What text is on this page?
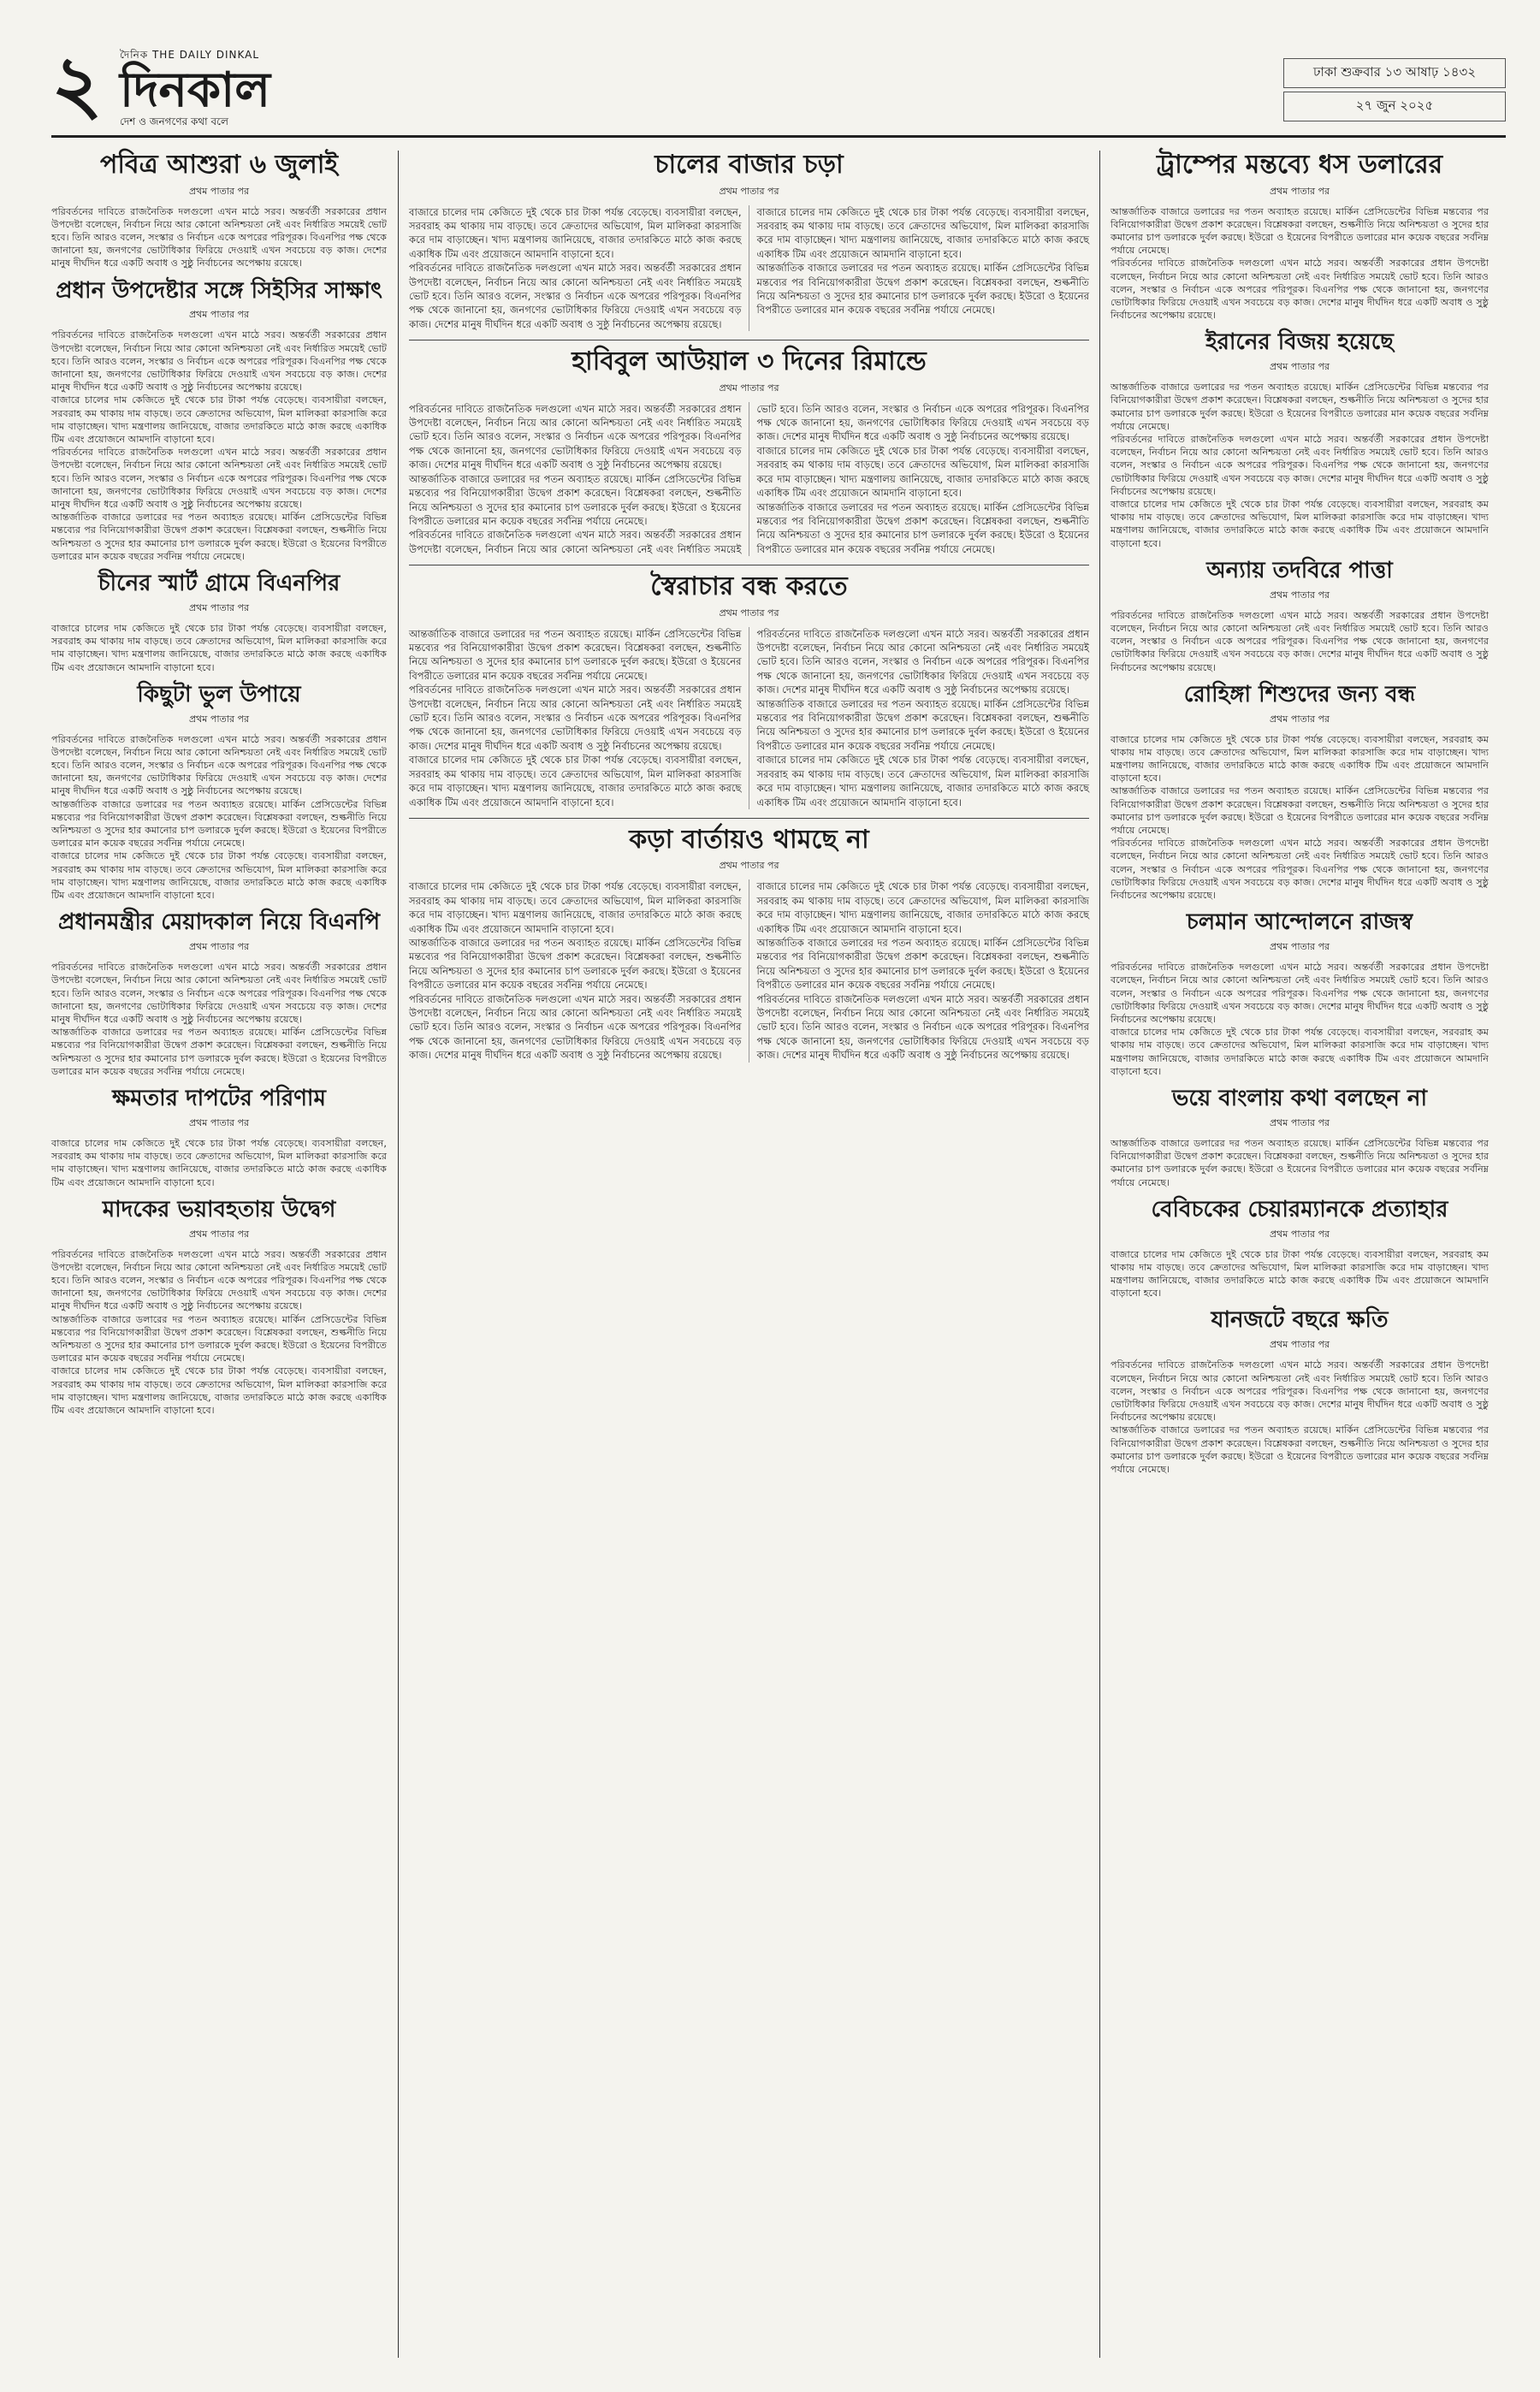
২ দৈনিক THE DAILY DINKAL
দিনকাল
দেশ ও জনগণের কথা বলে
ঢাকা শুক্রবার ১৩ আষাঢ় ১৪৩২
২৭ জুন ২০২৫
পবিত্র আশুরা ৬ জুলাই
প্রথম পাতার পর

পরিবর্তনের দাবিতে রাজনৈতিক দলগুলো এখন মাঠে সরব। অন্তর্বর্তী সরকারের প্রধান উপদেষ্টা বলেছেন, নির্বাচন নিয়ে আর কোনো অনিশ্চয়তা নেই এবং নির্ধারিত সময়েই ভোট হবে। তিনি আরও বলেন, সংস্কার ও নির্বাচন একে অপরের পরিপূরক। বিএনপির পক্ষ থেকে জানানো হয়, জনগণের ভোটাধিকার ফিরিয়ে দেওয়াই এখন সবচেয়ে বড় কাজ। দেশের মানুষ দীর্ঘদিন ধরে একটি অবাধ ও সুষ্ঠু নির্বাচনের অপেক্ষায় রয়েছে।

প্রধান উপদেষ্টার সঙ্গে সিইসির সাক্ষাৎ
প্রথম পাতার পর

পরিবর্তনের দাবিতে রাজনৈতিক দলগুলো এখন মাঠে সরব। অন্তর্বর্তী সরকারের প্রধান উপদেষ্টা বলেছেন, নির্বাচন নিয়ে আর কোনো অনিশ্চয়তা নেই এবং নির্ধারিত সময়েই ভোট হবে। তিনি আরও বলেন, সংস্কার ও নির্বাচন একে অপরের পরিপূরক। বিএনপির পক্ষ থেকে জানানো হয়, জনগণের ভোটাধিকার ফিরিয়ে দেওয়াই এখন সবচেয়ে বড় কাজ। দেশের মানুষ দীর্ঘদিন ধরে একটি অবাধ ও সুষ্ঠু নির্বাচনের অপেক্ষায় রয়েছে।

বাজারে চালের দাম কেজিতে দুই থেকে চার টাকা পর্যন্ত বেড়েছে। ব্যবসায়ীরা বলছেন, সরবরাহ কম থাকায় দাম বাড়ছে। তবে ক্রেতাদের অভিযোগ, মিল মালিকরা কারসাজি করে দাম বাড়াচ্ছেন। খাদ্য মন্ত্রণালয় জানিয়েছে, বাজার তদারকিতে মাঠে কাজ করছে একাধিক টিম এবং প্রয়োজনে আমদানি বাড়ানো হবে।

পরিবর্তনের দাবিতে রাজনৈতিক দলগুলো এখন মাঠে সরব। অন্তর্বর্তী সরকারের প্রধান উপদেষ্টা বলেছেন, নির্বাচন নিয়ে আর কোনো অনিশ্চয়তা নেই এবং নির্ধারিত সময়েই ভোট হবে। তিনি আরও বলেন, সংস্কার ও নির্বাচন একে অপরের পরিপূরক। বিএনপির পক্ষ থেকে জানানো হয়, জনগণের ভোটাধিকার ফিরিয়ে দেওয়াই এখন সবচেয়ে বড় কাজ। দেশের মানুষ দীর্ঘদিন ধরে একটি অবাধ ও সুষ্ঠু নির্বাচনের অপেক্ষায় রয়েছে।

আন্তর্জাতিক বাজারে ডলারের দর পতন অব্যাহত রয়েছে। মার্কিন প্রেসিডেন্টের বিভিন্ন মন্তব্যের পর বিনিয়োগকারীরা উদ্বেগ প্রকাশ করেছেন। বিশ্লেষকরা বলছেন, শুল্কনীতি নিয়ে অনিশ্চয়তা ও সুদের হার কমানোর চাপ ডলারকে দুর্বল করছে। ইউরো ও ইয়েনের বিপরীতে ডলারের মান কয়েক বছরের সর্বনিম্ন পর্যায়ে নেমেছে।

চীনের স্মার্ট গ্রামে বিএনপির
প্রথম পাতার পর

বাজারে চালের দাম কেজিতে দুই থেকে চার টাকা পর্যন্ত বেড়েছে। ব্যবসায়ীরা বলছেন, সরবরাহ কম থাকায় দাম বাড়ছে। তবে ক্রেতাদের অভিযোগ, মিল মালিকরা কারসাজি করে দাম বাড়াচ্ছেন। খাদ্য মন্ত্রণালয় জানিয়েছে, বাজার তদারকিতে মাঠে কাজ করছে একাধিক টিম এবং প্রয়োজনে আমদানি বাড়ানো হবে।

কিছুটা ভুল উপায়ে
প্রথম পাতার পর

পরিবর্তনের দাবিতে রাজনৈতিক দলগুলো এখন মাঠে সরব। অন্তর্বর্তী সরকারের প্রধান উপদেষ্টা বলেছেন, নির্বাচন নিয়ে আর কোনো অনিশ্চয়তা নেই এবং নির্ধারিত সময়েই ভোট হবে। তিনি আরও বলেন, সংস্কার ও নির্বাচন একে অপরের পরিপূরক। বিএনপির পক্ষ থেকে জানানো হয়, জনগণের ভোটাধিকার ফিরিয়ে দেওয়াই এখন সবচেয়ে বড় কাজ। দেশের মানুষ দীর্ঘদিন ধরে একটি অবাধ ও সুষ্ঠু নির্বাচনের অপেক্ষায় রয়েছে।

আন্তর্জাতিক বাজারে ডলারের দর পতন অব্যাহত রয়েছে। মার্কিন প্রেসিডেন্টের বিভিন্ন মন্তব্যের পর বিনিয়োগকারীরা উদ্বেগ প্রকাশ করেছেন। বিশ্লেষকরা বলছেন, শুল্কনীতি নিয়ে অনিশ্চয়তা ও সুদের হার কমানোর চাপ ডলারকে দুর্বল করছে। ইউরো ও ইয়েনের বিপরীতে ডলারের মান কয়েক বছরের সর্বনিম্ন পর্যায়ে নেমেছে।

বাজারে চালের দাম কেজিতে দুই থেকে চার টাকা পর্যন্ত বেড়েছে। ব্যবসায়ীরা বলছেন, সরবরাহ কম থাকায় দাম বাড়ছে। তবে ক্রেতাদের অভিযোগ, মিল মালিকরা কারসাজি করে দাম বাড়াচ্ছেন। খাদ্য মন্ত্রণালয় জানিয়েছে, বাজার তদারকিতে মাঠে কাজ করছে একাধিক টিম এবং প্রয়োজনে আমদানি বাড়ানো হবে।

প্রধানমন্ত্রীর মেয়াদকাল নিয়ে বিএনপি
প্রথম পাতার পর

পরিবর্তনের দাবিতে রাজনৈতিক দলগুলো এখন মাঠে সরব। অন্তর্বর্তী সরকারের প্রধান উপদেষ্টা বলেছেন, নির্বাচন নিয়ে আর কোনো অনিশ্চয়তা নেই এবং নির্ধারিত সময়েই ভোট হবে। তিনি আরও বলেন, সংস্কার ও নির্বাচন একে অপরের পরিপূরক। বিএনপির পক্ষ থেকে জানানো হয়, জনগণের ভোটাধিকার ফিরিয়ে দেওয়াই এখন সবচেয়ে বড় কাজ। দেশের মানুষ দীর্ঘদিন ধরে একটি অবাধ ও সুষ্ঠু নির্বাচনের অপেক্ষায় রয়েছে।

আন্তর্জাতিক বাজারে ডলারের দর পতন অব্যাহত রয়েছে। মার্কিন প্রেসিডেন্টের বিভিন্ন মন্তব্যের পর বিনিয়োগকারীরা উদ্বেগ প্রকাশ করেছেন। বিশ্লেষকরা বলছেন, শুল্কনীতি নিয়ে অনিশ্চয়তা ও সুদের হার কমানোর চাপ ডলারকে দুর্বল করছে। ইউরো ও ইয়েনের বিপরীতে ডলারের মান কয়েক বছরের সর্বনিম্ন পর্যায়ে নেমেছে।

ক্ষমতার দাপটের পরিণাম
প্রথম পাতার পর

বাজারে চালের দাম কেজিতে দুই থেকে চার টাকা পর্যন্ত বেড়েছে। ব্যবসায়ীরা বলছেন, সরবরাহ কম থাকায় দাম বাড়ছে। তবে ক্রেতাদের অভিযোগ, মিল মালিকরা কারসাজি করে দাম বাড়াচ্ছেন। খাদ্য মন্ত্রণালয় জানিয়েছে, বাজার তদারকিতে মাঠে কাজ করছে একাধিক টিম এবং প্রয়োজনে আমদানি বাড়ানো হবে।

মাদকের ভয়াবহতায় উদ্বেগ
প্রথম পাতার পর

পরিবর্তনের দাবিতে রাজনৈতিক দলগুলো এখন মাঠে সরব। অন্তর্বর্তী সরকারের প্রধান উপদেষ্টা বলেছেন, নির্বাচন নিয়ে আর কোনো অনিশ্চয়তা নেই এবং নির্ধারিত সময়েই ভোট হবে। তিনি আরও বলেন, সংস্কার ও নির্বাচন একে অপরের পরিপূরক। বিএনপির পক্ষ থেকে জানানো হয়, জনগণের ভোটাধিকার ফিরিয়ে দেওয়াই এখন সবচেয়ে বড় কাজ। দেশের মানুষ দীর্ঘদিন ধরে একটি অবাধ ও সুষ্ঠু নির্বাচনের অপেক্ষায় রয়েছে।

আন্তর্জাতিক বাজারে ডলারের দর পতন অব্যাহত রয়েছে। মার্কিন প্রেসিডেন্টের বিভিন্ন মন্তব্যের পর বিনিয়োগকারীরা উদ্বেগ প্রকাশ করেছেন। বিশ্লেষকরা বলছেন, শুল্কনীতি নিয়ে অনিশ্চয়তা ও সুদের হার কমানোর চাপ ডলারকে দুর্বল করছে। ইউরো ও ইয়েনের বিপরীতে ডলারের মান কয়েক বছরের সর্বনিম্ন পর্যায়ে নেমেছে।

বাজারে চালের দাম কেজিতে দুই থেকে চার টাকা পর্যন্ত বেড়েছে। ব্যবসায়ীরা বলছেন, সরবরাহ কম থাকায় দাম বাড়ছে। তবে ক্রেতাদের অভিযোগ, মিল মালিকরা কারসাজি করে দাম বাড়াচ্ছেন। খাদ্য মন্ত্রণালয় জানিয়েছে, বাজার তদারকিতে মাঠে কাজ করছে একাধিক টিম এবং প্রয়োজনে আমদানি বাড়ানো হবে।

চালের বাজার চড়া
প্রথম পাতার পর

বাজারে চালের দাম কেজিতে দুই থেকে চার টাকা পর্যন্ত বেড়েছে। ব্যবসায়ীরা বলছেন, সরবরাহ কম থাকায় দাম বাড়ছে। তবে ক্রেতাদের অভিযোগ, মিল মালিকরা কারসাজি করে দাম বাড়াচ্ছেন। খাদ্য মন্ত্রণালয় জানিয়েছে, বাজার তদারকিতে মাঠে কাজ করছে একাধিক টিম এবং প্রয়োজনে আমদানি বাড়ানো হবে।

পরিবর্তনের দাবিতে রাজনৈতিক দলগুলো এখন মাঠে সরব। অন্তর্বর্তী সরকারের প্রধান উপদেষ্টা বলেছেন, নির্বাচন নিয়ে আর কোনো অনিশ্চয়তা নেই এবং নির্ধারিত সময়েই ভোট হবে। তিনি আরও বলেন, সংস্কার ও নির্বাচন একে অপরের পরিপূরক। বিএনপির পক্ষ থেকে জানানো হয়, জনগণের ভোটাধিকার ফিরিয়ে দেওয়াই এখন সবচেয়ে বড় কাজ। দেশের মানুষ দীর্ঘদিন ধরে একটি অবাধ ও সুষ্ঠু নির্বাচনের অপেক্ষায় রয়েছে।

বাজারে চালের দাম কেজিতে দুই থেকে চার টাকা পর্যন্ত বেড়েছে। ব্যবসায়ীরা বলছেন, সরবরাহ কম থাকায় দাম বাড়ছে। তবে ক্রেতাদের অভিযোগ, মিল মালিকরা কারসাজি করে দাম বাড়াচ্ছেন। খাদ্য মন্ত্রণালয় জানিয়েছে, বাজার তদারকিতে মাঠে কাজ করছে একাধিক টিম এবং প্রয়োজনে আমদানি বাড়ানো হবে।

আন্তর্জাতিক বাজারে ডলারের দর পতন অব্যাহত রয়েছে। মার্কিন প্রেসিডেন্টের বিভিন্ন মন্তব্যের পর বিনিয়োগকারীরা উদ্বেগ প্রকাশ করেছেন। বিশ্লেষকরা বলছেন, শুল্কনীতি নিয়ে অনিশ্চয়তা ও সুদের হার কমানোর চাপ ডলারকে দুর্বল করছে। ইউরো ও ইয়েনের বিপরীতে ডলারের মান কয়েক বছরের সর্বনিম্ন পর্যায়ে নেমেছে।

হাবিবুল আউয়াল ৩ দিনের রিমান্ডে
প্রথম পাতার পর

পরিবর্তনের দাবিতে রাজনৈতিক দলগুলো এখন মাঠে সরব। অন্তর্বর্তী সরকারের প্রধান উপদেষ্টা বলেছেন, নির্বাচন নিয়ে আর কোনো অনিশ্চয়তা নেই এবং নির্ধারিত সময়েই ভোট হবে। তিনি আরও বলেন, সংস্কার ও নির্বাচন একে অপরের পরিপূরক। বিএনপির পক্ষ থেকে জানানো হয়, জনগণের ভোটাধিকার ফিরিয়ে দেওয়াই এখন সবচেয়ে বড় কাজ। দেশের মানুষ দীর্ঘদিন ধরে একটি অবাধ ও সুষ্ঠু নির্বাচনের অপেক্ষায় রয়েছে।

আন্তর্জাতিক বাজারে ডলারের দর পতন অব্যাহত রয়েছে। মার্কিন প্রেসিডেন্টের বিভিন্ন মন্তব্যের পর বিনিয়োগকারীরা উদ্বেগ প্রকাশ করেছেন। বিশ্লেষকরা বলছেন, শুল্কনীতি নিয়ে অনিশ্চয়তা ও সুদের হার কমানোর চাপ ডলারকে দুর্বল করছে। ইউরো ও ইয়েনের বিপরীতে ডলারের মান কয়েক বছরের সর্বনিম্ন পর্যায়ে নেমেছে।

পরিবর্তনের দাবিতে রাজনৈতিক দলগুলো এখন মাঠে সরব। অন্তর্বর্তী সরকারের প্রধান উপদেষ্টা বলেছেন, নির্বাচন নিয়ে আর কোনো অনিশ্চয়তা নেই এবং নির্ধারিত সময়েই ভোট হবে। তিনি আরও বলেন, সংস্কার ও নির্বাচন একে অপরের পরিপূরক। বিএনপির পক্ষ থেকে জানানো হয়, জনগণের ভোটাধিকার ফিরিয়ে দেওয়াই এখন সবচেয়ে বড় কাজ। দেশের মানুষ দীর্ঘদিন ধরে একটি অবাধ ও সুষ্ঠু নির্বাচনের অপেক্ষায় রয়েছে।

বাজারে চালের দাম কেজিতে দুই থেকে চার টাকা পর্যন্ত বেড়েছে। ব্যবসায়ীরা বলছেন, সরবরাহ কম থাকায় দাম বাড়ছে। তবে ক্রেতাদের অভিযোগ, মিল মালিকরা কারসাজি করে দাম বাড়াচ্ছেন। খাদ্য মন্ত্রণালয় জানিয়েছে, বাজার তদারকিতে মাঠে কাজ করছে একাধিক টিম এবং প্রয়োজনে আমদানি বাড়ানো হবে।

আন্তর্জাতিক বাজারে ডলারের দর পতন অব্যাহত রয়েছে। মার্কিন প্রেসিডেন্টের বিভিন্ন মন্তব্যের পর বিনিয়োগকারীরা উদ্বেগ প্রকাশ করেছেন। বিশ্লেষকরা বলছেন, শুল্কনীতি নিয়ে অনিশ্চয়তা ও সুদের হার কমানোর চাপ ডলারকে দুর্বল করছে। ইউরো ও ইয়েনের বিপরীতে ডলারের মান কয়েক বছরের সর্বনিম্ন পর্যায়ে নেমেছে।

স্বৈরাচার বন্ধ করতে
প্রথম পাতার পর

আন্তর্জাতিক বাজারে ডলারের দর পতন অব্যাহত রয়েছে। মার্কিন প্রেসিডেন্টের বিভিন্ন মন্তব্যের পর বিনিয়োগকারীরা উদ্বেগ প্রকাশ করেছেন। বিশ্লেষকরা বলছেন, শুল্কনীতি নিয়ে অনিশ্চয়তা ও সুদের হার কমানোর চাপ ডলারকে দুর্বল করছে। ইউরো ও ইয়েনের বিপরীতে ডলারের মান কয়েক বছরের সর্বনিম্ন পর্যায়ে নেমেছে।

পরিবর্তনের দাবিতে রাজনৈতিক দলগুলো এখন মাঠে সরব। অন্তর্বর্তী সরকারের প্রধান উপদেষ্টা বলেছেন, নির্বাচন নিয়ে আর কোনো অনিশ্চয়তা নেই এবং নির্ধারিত সময়েই ভোট হবে। তিনি আরও বলেন, সংস্কার ও নির্বাচন একে অপরের পরিপূরক। বিএনপির পক্ষ থেকে জানানো হয়, জনগণের ভোটাধিকার ফিরিয়ে দেওয়াই এখন সবচেয়ে বড় কাজ। দেশের মানুষ দীর্ঘদিন ধরে একটি অবাধ ও সুষ্ঠু নির্বাচনের অপেক্ষায় রয়েছে।

বাজারে চালের দাম কেজিতে দুই থেকে চার টাকা পর্যন্ত বেড়েছে। ব্যবসায়ীরা বলছেন, সরবরাহ কম থাকায় দাম বাড়ছে। তবে ক্রেতাদের অভিযোগ, মিল মালিকরা কারসাজি করে দাম বাড়াচ্ছেন। খাদ্য মন্ত্রণালয় জানিয়েছে, বাজার তদারকিতে মাঠে কাজ করছে একাধিক টিম এবং প্রয়োজনে আমদানি বাড়ানো হবে।

পরিবর্তনের দাবিতে রাজনৈতিক দলগুলো এখন মাঠে সরব। অন্তর্বর্তী সরকারের প্রধান উপদেষ্টা বলেছেন, নির্বাচন নিয়ে আর কোনো অনিশ্চয়তা নেই এবং নির্ধারিত সময়েই ভোট হবে। তিনি আরও বলেন, সংস্কার ও নির্বাচন একে অপরের পরিপূরক। বিএনপির পক্ষ থেকে জানানো হয়, জনগণের ভোটাধিকার ফিরিয়ে দেওয়াই এখন সবচেয়ে বড় কাজ। দেশের মানুষ দীর্ঘদিন ধরে একটি অবাধ ও সুষ্ঠু নির্বাচনের অপেক্ষায় রয়েছে।

আন্তর্জাতিক বাজারে ডলারের দর পতন অব্যাহত রয়েছে। মার্কিন প্রেসিডেন্টের বিভিন্ন মন্তব্যের পর বিনিয়োগকারীরা উদ্বেগ প্রকাশ করেছেন। বিশ্লেষকরা বলছেন, শুল্কনীতি নিয়ে অনিশ্চয়তা ও সুদের হার কমানোর চাপ ডলারকে দুর্বল করছে। ইউরো ও ইয়েনের বিপরীতে ডলারের মান কয়েক বছরের সর্বনিম্ন পর্যায়ে নেমেছে।

বাজারে চালের দাম কেজিতে দুই থেকে চার টাকা পর্যন্ত বেড়েছে। ব্যবসায়ীরা বলছেন, সরবরাহ কম থাকায় দাম বাড়ছে। তবে ক্রেতাদের অভিযোগ, মিল মালিকরা কারসাজি করে দাম বাড়াচ্ছেন। খাদ্য মন্ত্রণালয় জানিয়েছে, বাজার তদারকিতে মাঠে কাজ করছে একাধিক টিম এবং প্রয়োজনে আমদানি বাড়ানো হবে।

কড়া বার্তায়ও থামছে না
প্রথম পাতার পর

বাজারে চালের দাম কেজিতে দুই থেকে চার টাকা পর্যন্ত বেড়েছে। ব্যবসায়ীরা বলছেন, সরবরাহ কম থাকায় দাম বাড়ছে। তবে ক্রেতাদের অভিযোগ, মিল মালিকরা কারসাজি করে দাম বাড়াচ্ছেন। খাদ্য মন্ত্রণালয় জানিয়েছে, বাজার তদারকিতে মাঠে কাজ করছে একাধিক টিম এবং প্রয়োজনে আমদানি বাড়ানো হবে।

আন্তর্জাতিক বাজারে ডলারের দর পতন অব্যাহত রয়েছে। মার্কিন প্রেসিডেন্টের বিভিন্ন মন্তব্যের পর বিনিয়োগকারীরা উদ্বেগ প্রকাশ করেছেন। বিশ্লেষকরা বলছেন, শুল্কনীতি নিয়ে অনিশ্চয়তা ও সুদের হার কমানোর চাপ ডলারকে দুর্বল করছে। ইউরো ও ইয়েনের বিপরীতে ডলারের মান কয়েক বছরের সর্বনিম্ন পর্যায়ে নেমেছে।

পরিবর্তনের দাবিতে রাজনৈতিক দলগুলো এখন মাঠে সরব। অন্তর্বর্তী সরকারের প্রধান উপদেষ্টা বলেছেন, নির্বাচন নিয়ে আর কোনো অনিশ্চয়তা নেই এবং নির্ধারিত সময়েই ভোট হবে। তিনি আরও বলেন, সংস্কার ও নির্বাচন একে অপরের পরিপূরক। বিএনপির পক্ষ থেকে জানানো হয়, জনগণের ভোটাধিকার ফিরিয়ে দেওয়াই এখন সবচেয়ে বড় কাজ। দেশের মানুষ দীর্ঘদিন ধরে একটি অবাধ ও সুষ্ঠু নির্বাচনের অপেক্ষায় রয়েছে।

বাজারে চালের দাম কেজিতে দুই থেকে চার টাকা পর্যন্ত বেড়েছে। ব্যবসায়ীরা বলছেন, সরবরাহ কম থাকায় দাম বাড়ছে। তবে ক্রেতাদের অভিযোগ, মিল মালিকরা কারসাজি করে দাম বাড়াচ্ছেন। খাদ্য মন্ত্রণালয় জানিয়েছে, বাজার তদারকিতে মাঠে কাজ করছে একাধিক টিম এবং প্রয়োজনে আমদানি বাড়ানো হবে।

আন্তর্জাতিক বাজারে ডলারের দর পতন অব্যাহত রয়েছে। মার্কিন প্রেসিডেন্টের বিভিন্ন মন্তব্যের পর বিনিয়োগকারীরা উদ্বেগ প্রকাশ করেছেন। বিশ্লেষকরা বলছেন, শুল্কনীতি নিয়ে অনিশ্চয়তা ও সুদের হার কমানোর চাপ ডলারকে দুর্বল করছে। ইউরো ও ইয়েনের বিপরীতে ডলারের মান কয়েক বছরের সর্বনিম্ন পর্যায়ে নেমেছে।

পরিবর্তনের দাবিতে রাজনৈতিক দলগুলো এখন মাঠে সরব। অন্তর্বর্তী সরকারের প্রধান উপদেষ্টা বলেছেন, নির্বাচন নিয়ে আর কোনো অনিশ্চয়তা নেই এবং নির্ধারিত সময়েই ভোট হবে। তিনি আরও বলেন, সংস্কার ও নির্বাচন একে অপরের পরিপূরক। বিএনপির পক্ষ থেকে জানানো হয়, জনগণের ভোটাধিকার ফিরিয়ে দেওয়াই এখন সবচেয়ে বড় কাজ। দেশের মানুষ দীর্ঘদিন ধরে একটি অবাধ ও সুষ্ঠু নির্বাচনের অপেক্ষায় রয়েছে।

ট্রাম্পের মন্তব্যে ধস ডলারের
প্রথম পাতার পর

আন্তর্জাতিক বাজারে ডলারের দর পতন অব্যাহত রয়েছে। মার্কিন প্রেসিডেন্টের বিভিন্ন মন্তব্যের পর বিনিয়োগকারীরা উদ্বেগ প্রকাশ করেছেন। বিশ্লেষকরা বলছেন, শুল্কনীতি নিয়ে অনিশ্চয়তা ও সুদের হার কমানোর চাপ ডলারকে দুর্বল করছে। ইউরো ও ইয়েনের বিপরীতে ডলারের মান কয়েক বছরের সর্বনিম্ন পর্যায়ে নেমেছে।

পরিবর্তনের দাবিতে রাজনৈতিক দলগুলো এখন মাঠে সরব। অন্তর্বর্তী সরকারের প্রধান উপদেষ্টা বলেছেন, নির্বাচন নিয়ে আর কোনো অনিশ্চয়তা নেই এবং নির্ধারিত সময়েই ভোট হবে। তিনি আরও বলেন, সংস্কার ও নির্বাচন একে অপরের পরিপূরক। বিএনপির পক্ষ থেকে জানানো হয়, জনগণের ভোটাধিকার ফিরিয়ে দেওয়াই এখন সবচেয়ে বড় কাজ। দেশের মানুষ দীর্ঘদিন ধরে একটি অবাধ ও সুষ্ঠু নির্বাচনের অপেক্ষায় রয়েছে।

ইরানের বিজয় হয়েছে
প্রথম পাতার পর

আন্তর্জাতিক বাজারে ডলারের দর পতন অব্যাহত রয়েছে। মার্কিন প্রেসিডেন্টের বিভিন্ন মন্তব্যের পর বিনিয়োগকারীরা উদ্বেগ প্রকাশ করেছেন। বিশ্লেষকরা বলছেন, শুল্কনীতি নিয়ে অনিশ্চয়তা ও সুদের হার কমানোর চাপ ডলারকে দুর্বল করছে। ইউরো ও ইয়েনের বিপরীতে ডলারের মান কয়েক বছরের সর্বনিম্ন পর্যায়ে নেমেছে।

পরিবর্তনের দাবিতে রাজনৈতিক দলগুলো এখন মাঠে সরব। অন্তর্বর্তী সরকারের প্রধান উপদেষ্টা বলেছেন, নির্বাচন নিয়ে আর কোনো অনিশ্চয়তা নেই এবং নির্ধারিত সময়েই ভোট হবে। তিনি আরও বলেন, সংস্কার ও নির্বাচন একে অপরের পরিপূরক। বিএনপির পক্ষ থেকে জানানো হয়, জনগণের ভোটাধিকার ফিরিয়ে দেওয়াই এখন সবচেয়ে বড় কাজ। দেশের মানুষ দীর্ঘদিন ধরে একটি অবাধ ও সুষ্ঠু নির্বাচনের অপেক্ষায় রয়েছে।

বাজারে চালের দাম কেজিতে দুই থেকে চার টাকা পর্যন্ত বেড়েছে। ব্যবসায়ীরা বলছেন, সরবরাহ কম থাকায় দাম বাড়ছে। তবে ক্রেতাদের অভিযোগ, মিল মালিকরা কারসাজি করে দাম বাড়াচ্ছেন। খাদ্য মন্ত্রণালয় জানিয়েছে, বাজার তদারকিতে মাঠে কাজ করছে একাধিক টিম এবং প্রয়োজনে আমদানি বাড়ানো হবে।

অন্যায় তদবিরে পাত্তা
প্রথম পাতার পর

পরিবর্তনের দাবিতে রাজনৈতিক দলগুলো এখন মাঠে সরব। অন্তর্বর্তী সরকারের প্রধান উপদেষ্টা বলেছেন, নির্বাচন নিয়ে আর কোনো অনিশ্চয়তা নেই এবং নির্ধারিত সময়েই ভোট হবে। তিনি আরও বলেন, সংস্কার ও নির্বাচন একে অপরের পরিপূরক। বিএনপির পক্ষ থেকে জানানো হয়, জনগণের ভোটাধিকার ফিরিয়ে দেওয়াই এখন সবচেয়ে বড় কাজ। দেশের মানুষ দীর্ঘদিন ধরে একটি অবাধ ও সুষ্ঠু নির্বাচনের অপেক্ষায় রয়েছে।

রোহিঙ্গা শিশুদের জন্য বন্ধ
প্রথম পাতার পর

বাজারে চালের দাম কেজিতে দুই থেকে চার টাকা পর্যন্ত বেড়েছে। ব্যবসায়ীরা বলছেন, সরবরাহ কম থাকায় দাম বাড়ছে। তবে ক্রেতাদের অভিযোগ, মিল মালিকরা কারসাজি করে দাম বাড়াচ্ছেন। খাদ্য মন্ত্রণালয় জানিয়েছে, বাজার তদারকিতে মাঠে কাজ করছে একাধিক টিম এবং প্রয়োজনে আমদানি বাড়ানো হবে।

আন্তর্জাতিক বাজারে ডলারের দর পতন অব্যাহত রয়েছে। মার্কিন প্রেসিডেন্টের বিভিন্ন মন্তব্যের পর বিনিয়োগকারীরা উদ্বেগ প্রকাশ করেছেন। বিশ্লেষকরা বলছেন, শুল্কনীতি নিয়ে অনিশ্চয়তা ও সুদের হার কমানোর চাপ ডলারকে দুর্বল করছে। ইউরো ও ইয়েনের বিপরীতে ডলারের মান কয়েক বছরের সর্বনিম্ন পর্যায়ে নেমেছে।

পরিবর্তনের দাবিতে রাজনৈতিক দলগুলো এখন মাঠে সরব। অন্তর্বর্তী সরকারের প্রধান উপদেষ্টা বলেছেন, নির্বাচন নিয়ে আর কোনো অনিশ্চয়তা নেই এবং নির্ধারিত সময়েই ভোট হবে। তিনি আরও বলেন, সংস্কার ও নির্বাচন একে অপরের পরিপূরক। বিএনপির পক্ষ থেকে জানানো হয়, জনগণের ভোটাধিকার ফিরিয়ে দেওয়াই এখন সবচেয়ে বড় কাজ। দেশের মানুষ দীর্ঘদিন ধরে একটি অবাধ ও সুষ্ঠু নির্বাচনের অপেক্ষায় রয়েছে।

চলমান আন্দোলনে রাজস্ব
প্রথম পাতার পর

পরিবর্তনের দাবিতে রাজনৈতিক দলগুলো এখন মাঠে সরব। অন্তর্বর্তী সরকারের প্রধান উপদেষ্টা বলেছেন, নির্বাচন নিয়ে আর কোনো অনিশ্চয়তা নেই এবং নির্ধারিত সময়েই ভোট হবে। তিনি আরও বলেন, সংস্কার ও নির্বাচন একে অপরের পরিপূরক। বিএনপির পক্ষ থেকে জানানো হয়, জনগণের ভোটাধিকার ফিরিয়ে দেওয়াই এখন সবচেয়ে বড় কাজ। দেশের মানুষ দীর্ঘদিন ধরে একটি অবাধ ও সুষ্ঠু নির্বাচনের অপেক্ষায় রয়েছে।

বাজারে চালের দাম কেজিতে দুই থেকে চার টাকা পর্যন্ত বেড়েছে। ব্যবসায়ীরা বলছেন, সরবরাহ কম থাকায় দাম বাড়ছে। তবে ক্রেতাদের অভিযোগ, মিল মালিকরা কারসাজি করে দাম বাড়াচ্ছেন। খাদ্য মন্ত্রণালয় জানিয়েছে, বাজার তদারকিতে মাঠে কাজ করছে একাধিক টিম এবং প্রয়োজনে আমদানি বাড়ানো হবে।

ভয়ে বাংলায় কথা বলছেন না
প্রথম পাতার পর

আন্তর্জাতিক বাজারে ডলারের দর পতন অব্যাহত রয়েছে। মার্কিন প্রেসিডেন্টের বিভিন্ন মন্তব্যের পর বিনিয়োগকারীরা উদ্বেগ প্রকাশ করেছেন। বিশ্লেষকরা বলছেন, শুল্কনীতি নিয়ে অনিশ্চয়তা ও সুদের হার কমানোর চাপ ডলারকে দুর্বল করছে। ইউরো ও ইয়েনের বিপরীতে ডলারের মান কয়েক বছরের সর্বনিম্ন পর্যায়ে নেমেছে।

বেবিচকের চেয়ারম্যানকে প্রত্যাহার
প্রথম পাতার পর

বাজারে চালের দাম কেজিতে দুই থেকে চার টাকা পর্যন্ত বেড়েছে। ব্যবসায়ীরা বলছেন, সরবরাহ কম থাকায় দাম বাড়ছে। তবে ক্রেতাদের অভিযোগ, মিল মালিকরা কারসাজি করে দাম বাড়াচ্ছেন। খাদ্য মন্ত্রণালয় জানিয়েছে, বাজার তদারকিতে মাঠে কাজ করছে একাধিক টিম এবং প্রয়োজনে আমদানি বাড়ানো হবে।

যানজটে বছরে ক্ষতি
প্রথম পাতার পর

পরিবর্তনের দাবিতে রাজনৈতিক দলগুলো এখন মাঠে সরব। অন্তর্বর্তী সরকারের প্রধান উপদেষ্টা বলেছেন, নির্বাচন নিয়ে আর কোনো অনিশ্চয়তা নেই এবং নির্ধারিত সময়েই ভোট হবে। তিনি আরও বলেন, সংস্কার ও নির্বাচন একে অপরের পরিপূরক। বিএনপির পক্ষ থেকে জানানো হয়, জনগণের ভোটাধিকার ফিরিয়ে দেওয়াই এখন সবচেয়ে বড় কাজ। দেশের মানুষ দীর্ঘদিন ধরে একটি অবাধ ও সুষ্ঠু নির্বাচনের অপেক্ষায় রয়েছে।

আন্তর্জাতিক বাজারে ডলারের দর পতন অব্যাহত রয়েছে। মার্কিন প্রেসিডেন্টের বিভিন্ন মন্তব্যের পর বিনিয়োগকারীরা উদ্বেগ প্রকাশ করেছেন। বিশ্লেষকরা বলছেন, শুল্কনীতি নিয়ে অনিশ্চয়তা ও সুদের হার কমানোর চাপ ডলারকে দুর্বল করছে। ইউরো ও ইয়েনের বিপরীতে ডলারের মান কয়েক বছরের সর্বনিম্ন পর্যায়ে নেমেছে।
